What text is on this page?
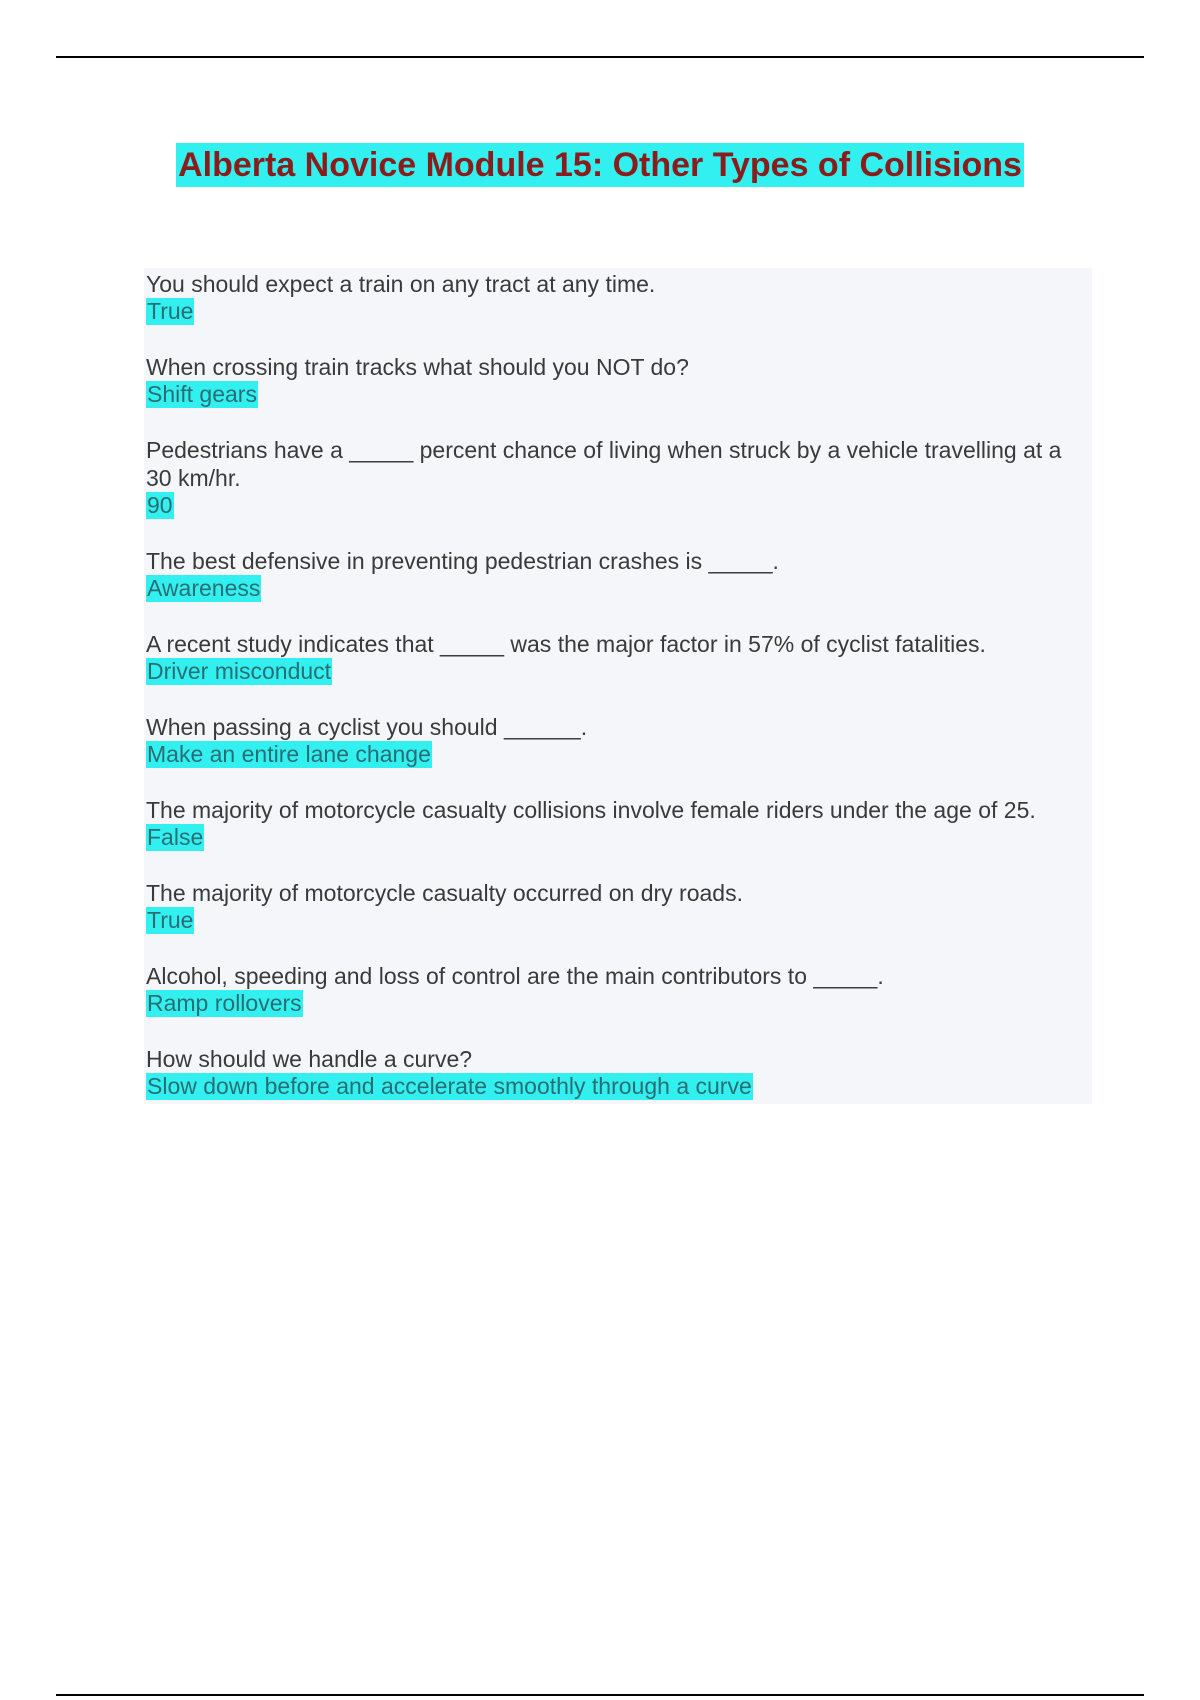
Alberta Novice Module 15: Other Types of Collisions
You should expect a train on any tract at any time.
True
When crossing train tracks what should you NOT do?
Shift gears
Pedestrians have a _____ percent chance of living when struck by a vehicle travelling at a 30 km/hr.
90
The best defensive in preventing pedestrian crashes is _____.
Awareness
A recent study indicates that _____ was the major factor in 57% of cyclist fatalities.
Driver misconduct
When passing a cyclist you should ______.
Make an entire lane change
The majority of motorcycle casualty collisions involve female riders under the age of 25.
False
The majority of motorcycle casualty occurred on dry roads.
True
Alcohol, speeding and loss of control are the main contributors to _____.
Ramp rollovers
How should we handle a curve?
Slow down before and accelerate smoothly through a curve
